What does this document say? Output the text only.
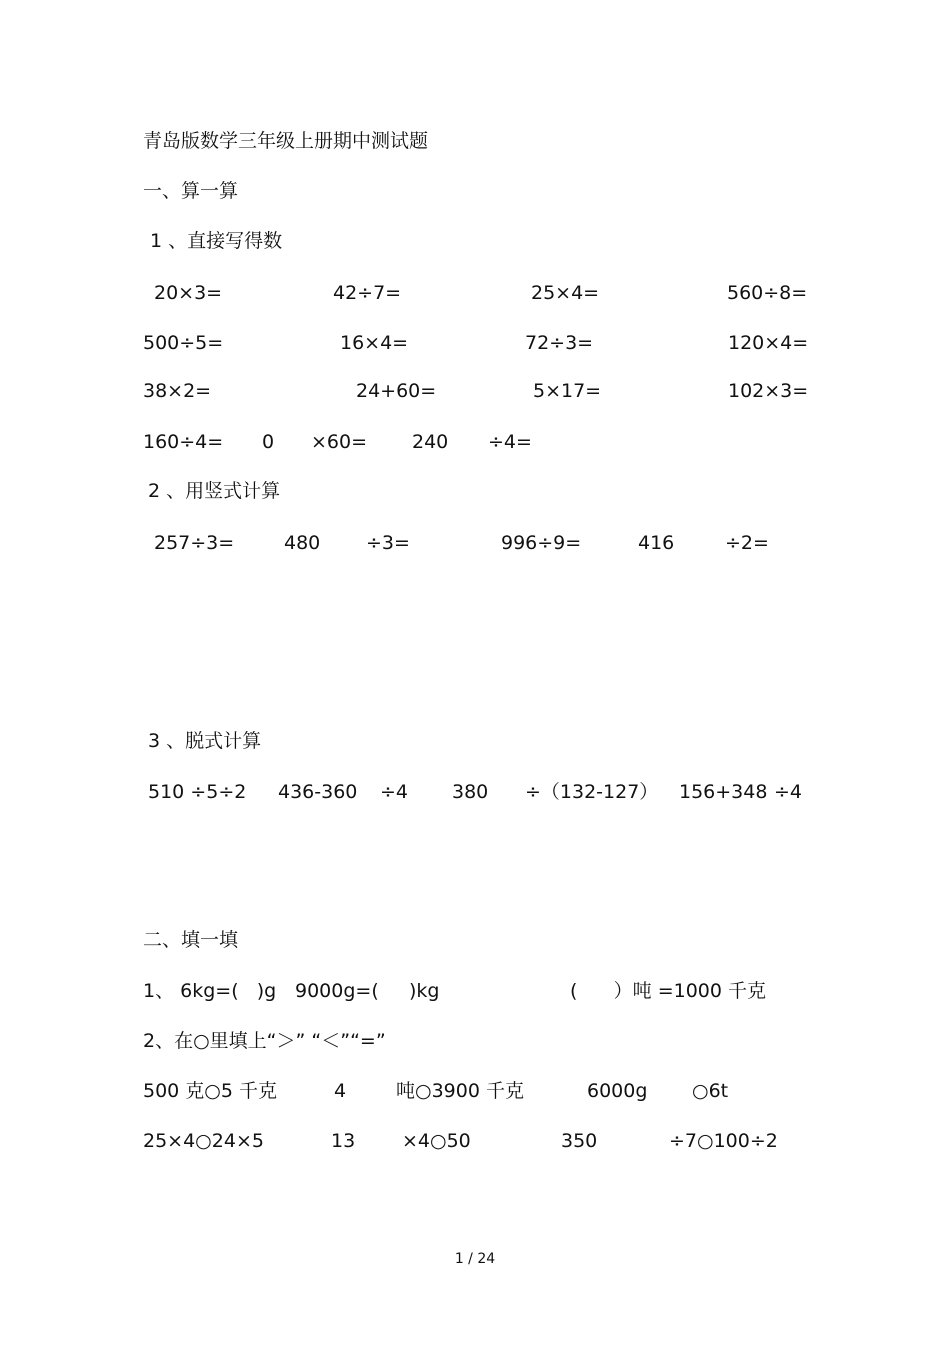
青岛版数学三年级上册期中测试题
一、算一算
1 、直接写得数
20×3=	42÷7=	25×4=	560÷8=
500÷5=	16×4=	72÷3=	120×4=
38×2=	24+60=	5×17=	102×3=
160÷4= 0 ×60= 240 ÷4=
2 、用竖式计算
257÷3=	480 ÷3=	996÷9=	416	÷2=
3 、脱式计算
510 ÷5÷2 436-360 ÷4 380 ÷（132-127） 156+348 ÷4
二、填一填
1、 6kg=(   )g 9000g=(     )kg	(      ）吨 =1000 千克
2、在○里填上“＞” “＜”“=”
500 克○5 千克	4	吨○3900 千克	6000g ○6t
25×4○24×5	13 ×4○50	350	÷7○100÷2
1 / 24
